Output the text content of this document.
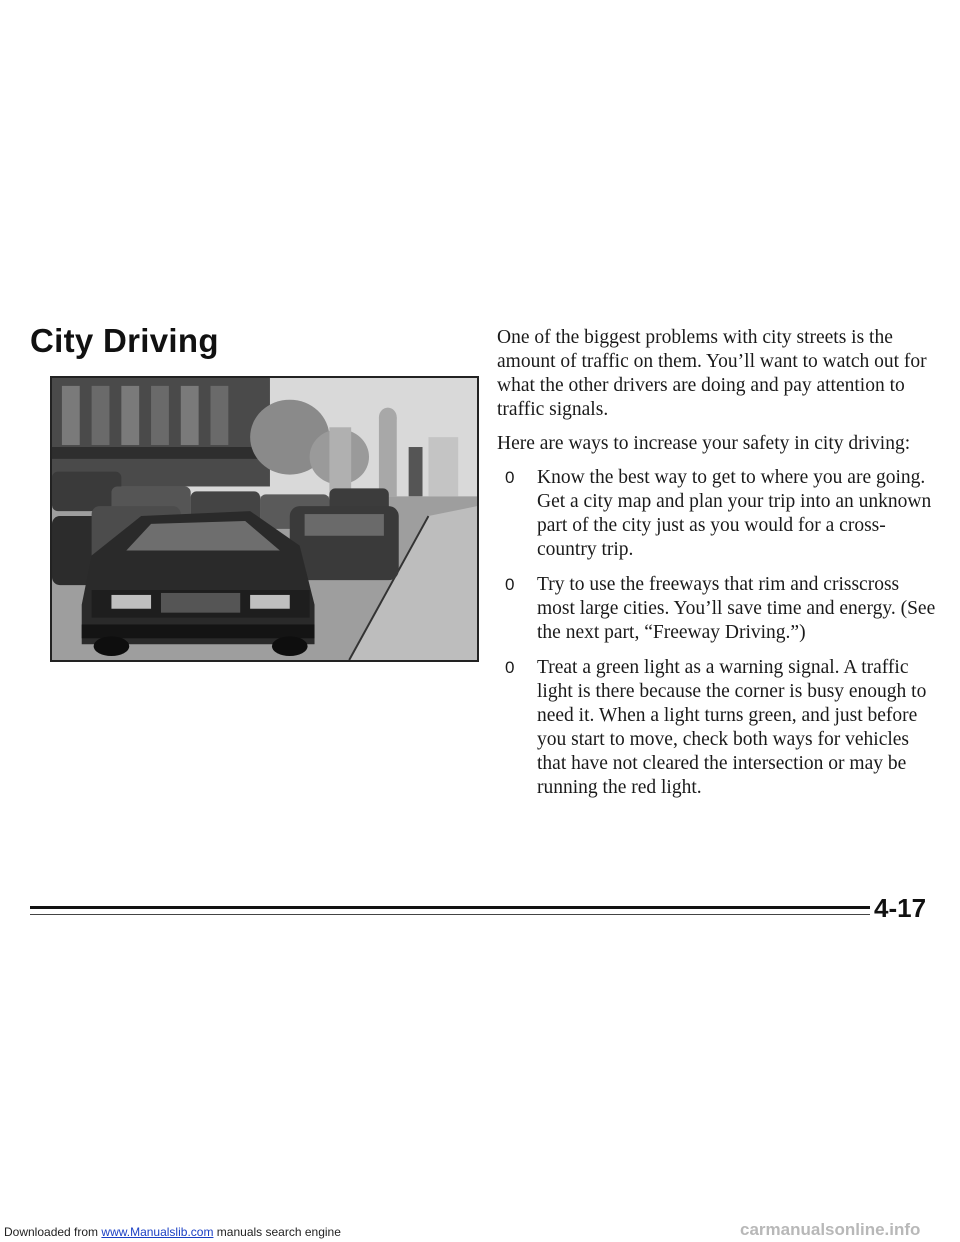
City Driving	One of the biggest problems with city streets is the amount of traffic on them. You’ll want to watch out for what the other drivers are doing and pay attention to traffic signals.

Here are ways to increase your safety in city driving:

0 Know the best way to get to where you are going. Get a city map and plan your trip into an unknown part of the city just as you would for a cross-country trip.
0 Try to use the freeways that rim and crisscross most large cities. You’ll save time and energy. (See the next part, “Freeway Driving.”)
0 Treat a green light as a warning signal. A traffic light is there because the corner is busy enough to need it. When a light turns green, and just before you start to move, check both ways for vehicles that have not cleared the intersection or may be running the red light.
4-17
Downloaded from www.Manualslib.com manuals search engine	carmanualsonline.info
